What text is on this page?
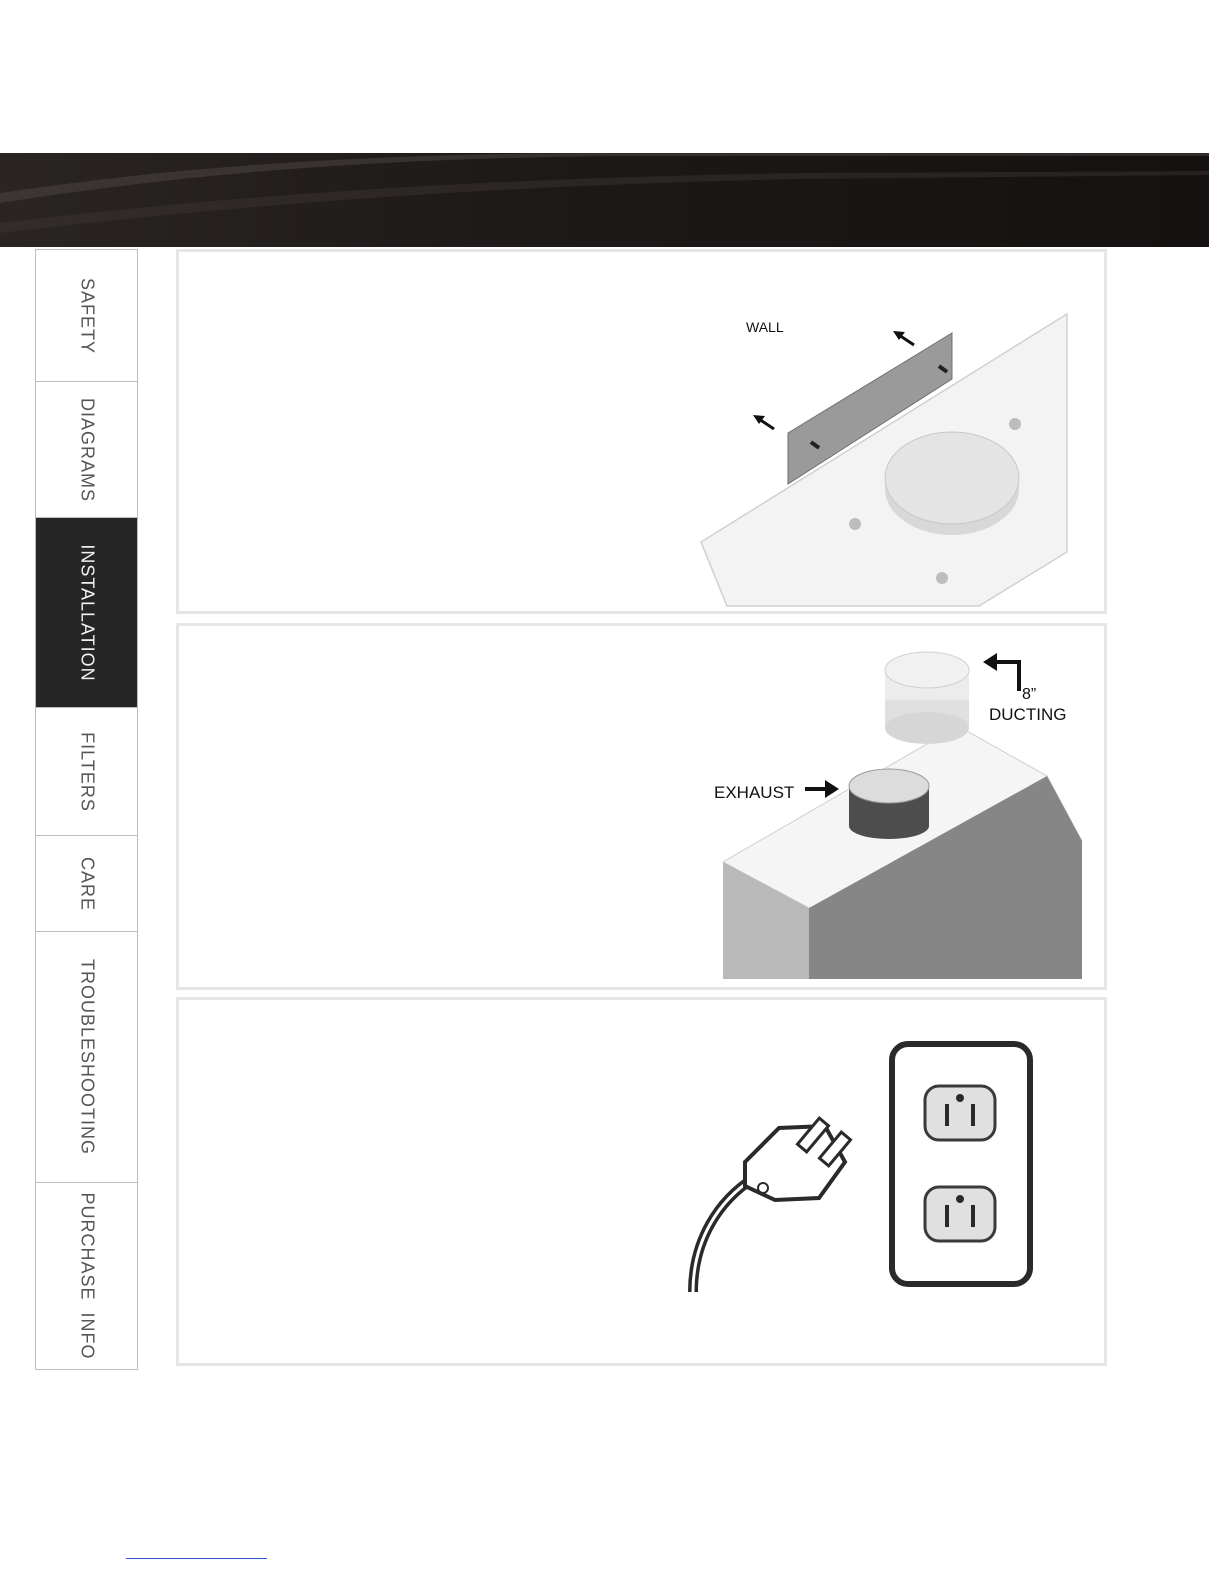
SAFETY
DIAGRAMS
INSTALLATION
FILTERS
CARE
TROUBLESHOOTING
PURCHASE  INFO
WALL
8”
DUCTING
EXHAUST
